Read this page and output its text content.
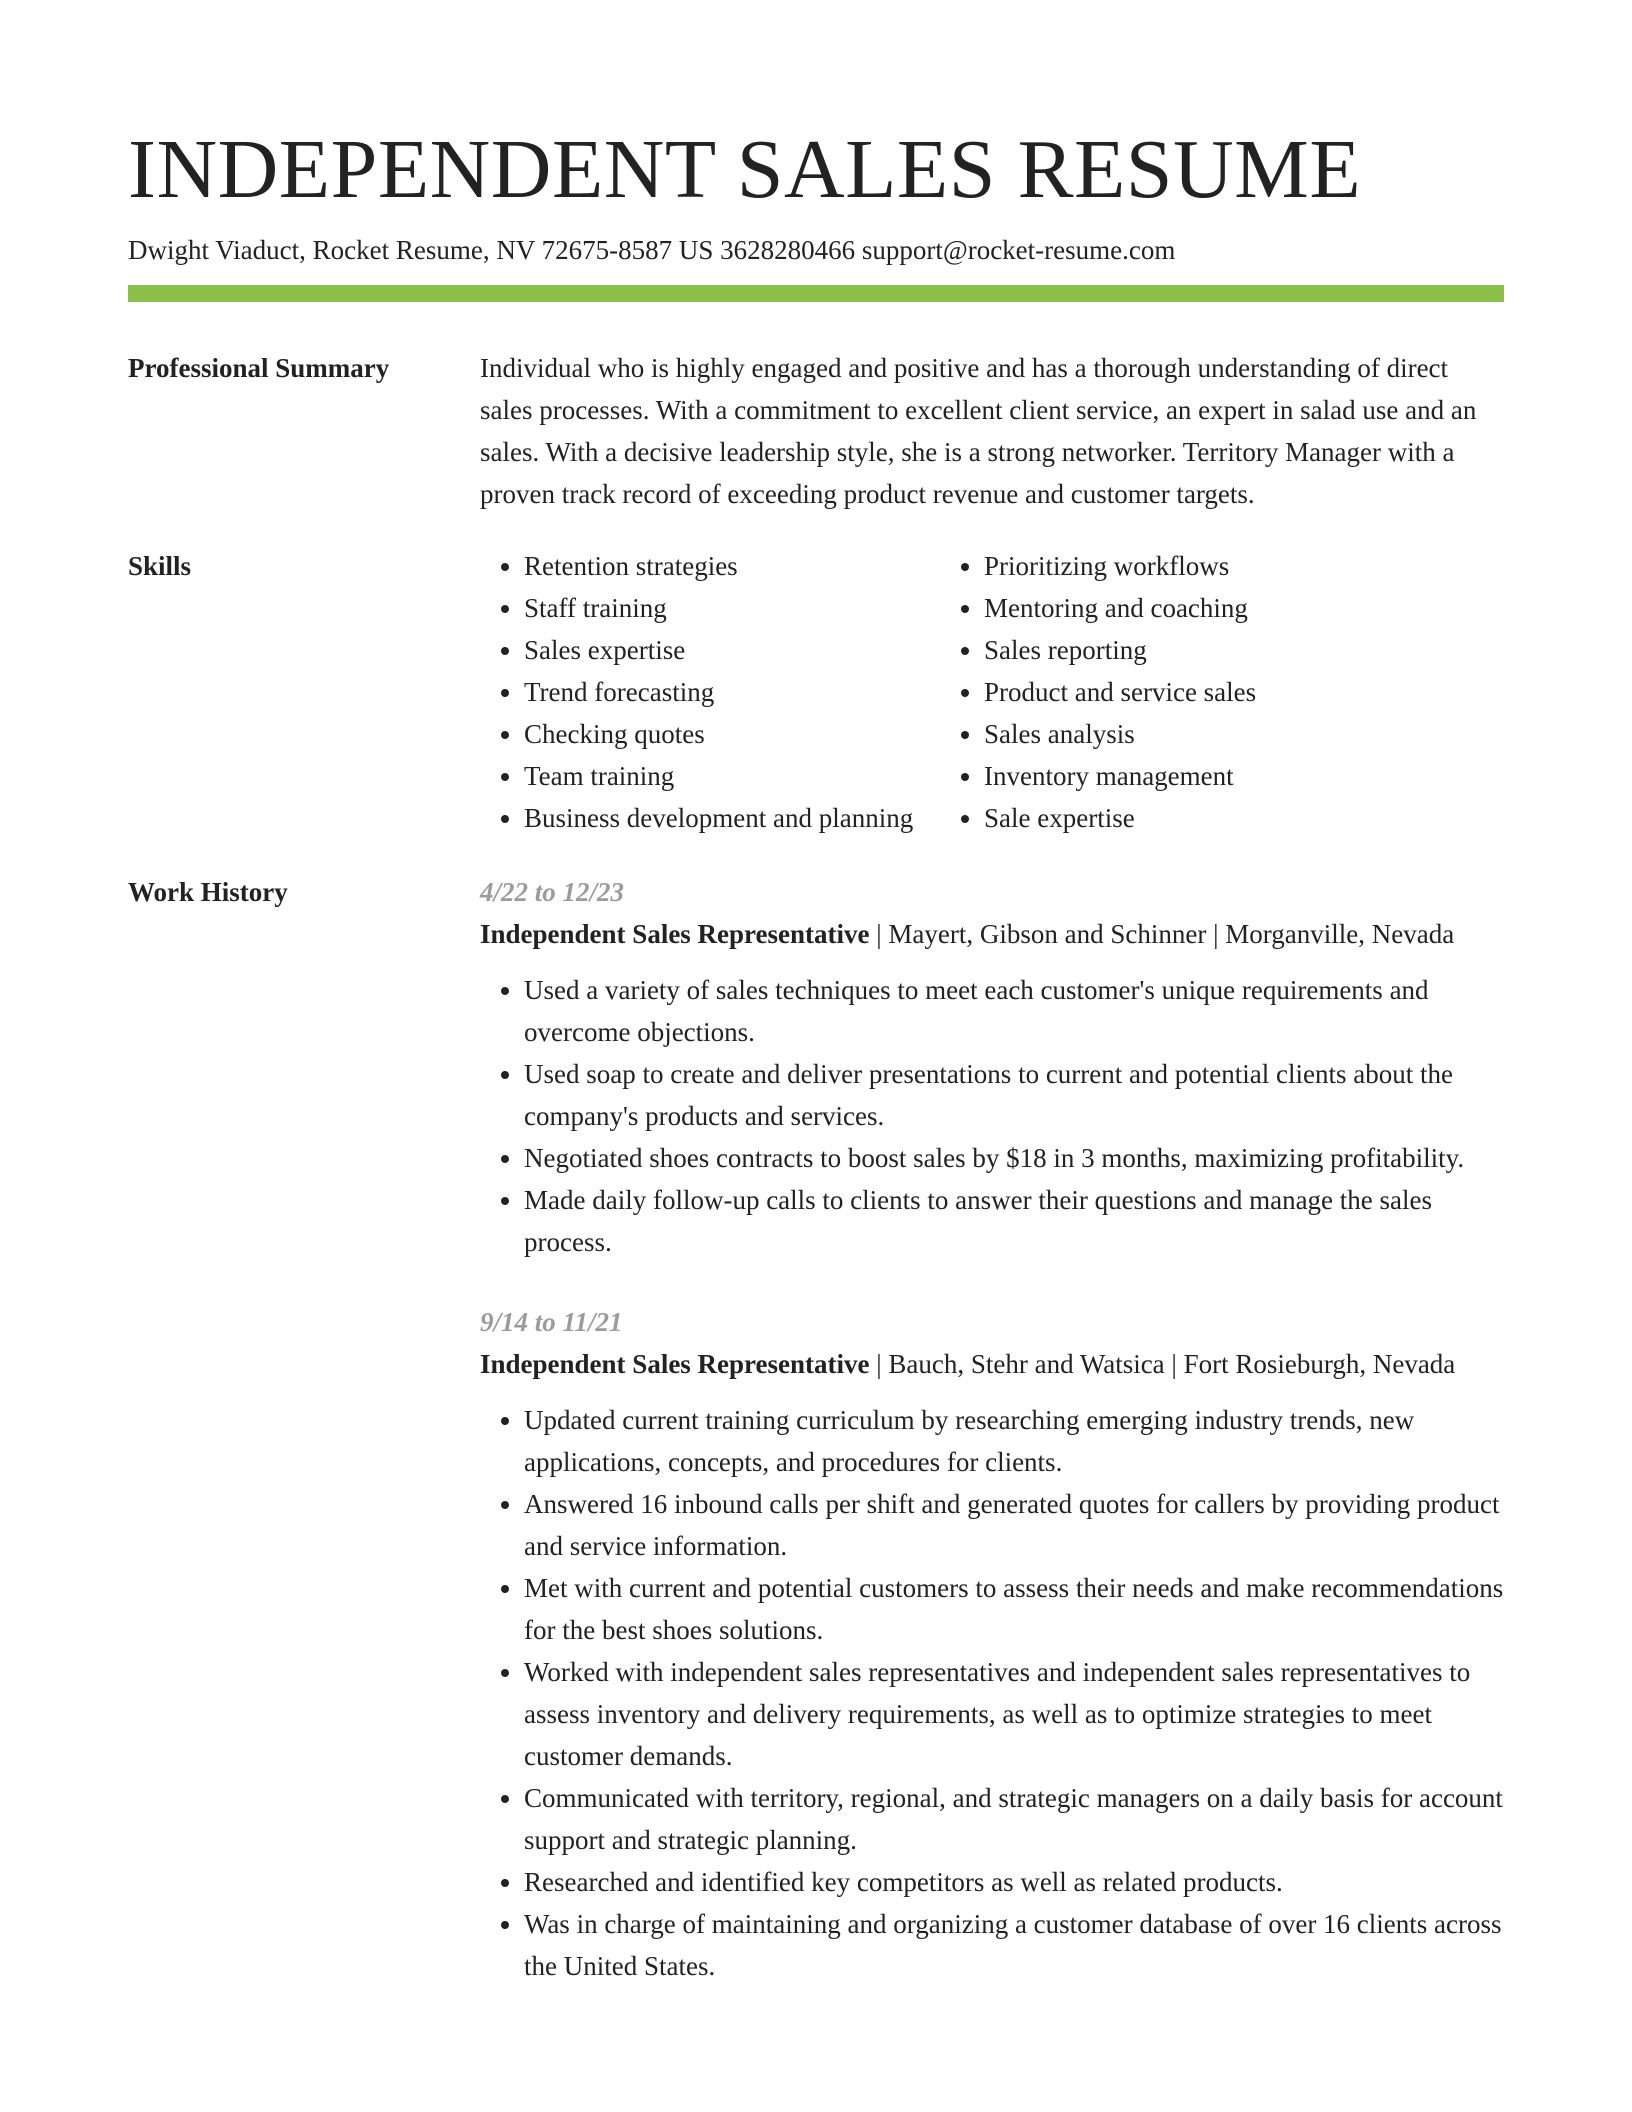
INDEPENDENT SALES RESUME
Dwight Viaduct, Rocket Resume, NV 72675-8587 US 3628280466 support@rocket-resume.com
Professional Summary	Individual who is highly engaged and positive and has a thorough understanding of direct sales processes. With a commitment to excellent client service, an expert in salad use and an sales. With a decisive leadership style, she is a strong networker. Territory Manager with a proven track record of exceeding product revenue and customer targets.

Skills
•	Retention strategies
• Staff training
• Sales expertise
• Trend forecasting
• Checking quotes
• Team training
• Business development and planning
• Prioritizing workflows
• Mentoring and coaching
• Sales reporting
• Product and service sales
• Sales analysis
• Inventory management
• Sale expertise
Work History	4/22 to 12/23
Independent Sales Representative | Mayert, Gibson and Schinner | Morganville, Nevada
• Used a variety of sales techniques to meet each customer's unique requirements and overcome objections.
• Used soap to create and deliver presentations to current and potential clients about the company's products and services.
• Negotiated shoes contracts to boost sales by $18 in 3 months, maximizing profitability.
• Made daily follow-up calls to clients to answer their questions and manage the sales process.
9/14 to 11/21
Independent Sales Representative | Bauch, Stehr and Watsica | Fort Rosieburgh, Nevada
• Updated current training curriculum by researching emerging industry trends, new applications, concepts, and procedures for clients.
• Answered 16 inbound calls per shift and generated quotes for callers by providing product and service information.
• Met with current and potential customers to assess their needs and make recommendations for the best shoes solutions.
• Worked with independent sales representatives and independent sales representatives to assess inventory and delivery requirements, as well as to optimize strategies to meet customer demands.
• Communicated with territory, regional, and strategic managers on a daily basis for account support and strategic planning.
• Researched and identified key competitors as well as related products.
• Was in charge of maintaining and organizing a customer database of over 16 clients across the United States.
